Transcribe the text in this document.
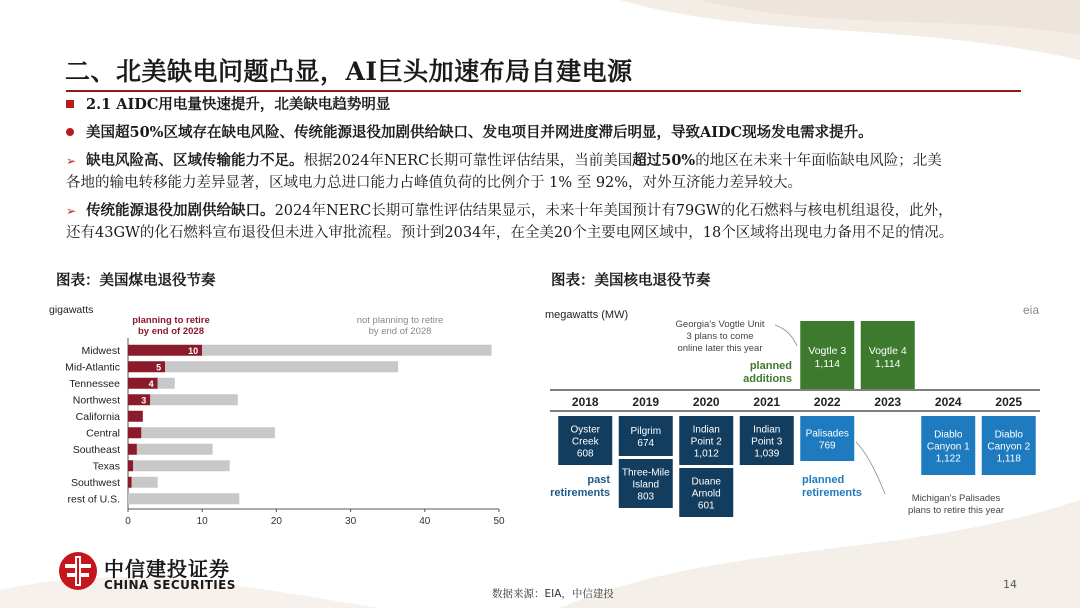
二、北美缺电问题凸显，AI巨头加速布局自建电源
2.1 AIDC用电量快速提升，北美缺电趋势明显
美国超50%区域存在缺电风险、传统能源退役加剧供给缺口、发电项目并网进度滞后明显，导致AIDC现场发电需求提升。
➢ 缺电风险高、区域传输能力不足。根据2024年NERC长期可靠性评估结果，当前美国超过50%的地区在未来十年面临缺电风险；北美
各地的输电转移能力差异显著，区域电力总进口能力占峰值负荷的比例介于 1% 至 92%，对外互济能力差异较大。
➢ 传统能源退役加剧供给缺口。2024年NERC长期可靠性评估结果显示，未来十年美国预计有79GW的化石燃料与核电机组退役，此外，
还有43GW的化石燃料宣布退役但未进入审批流程。预计到2034年，在全美20个主要电网区域中，18个区域将出现电力备用不足的情况。
图表：美国煤电退役节奏	图表：美国核电退役节奏
gigawatts
planning to retire
by end of 2028
not planning to retire
by end of 2028
0	10	20	30	40	50
Midwest	10
Mid-Atlantic	5
Tennessee	4
Northwest 3
California
Central
Southeast
Texas
Southwest
rest of U.S.
megawatts (MW)	eia
2018	2019	2020	2021	2022	2023	2024	2025
Vogtle 3
1,114
Vogtle 4
1,114
planned
additions
Georgia's Vogtle Unit
3 plans to come
online later this year
Oyster
Creek
608
Pilgrim
674
Three-Mile
Island
803
Indian
Point 2
1,012
Duane
Arnold
601
Indian
Point 3
1,039
Palisades
769
Diablo
Canyon 1
1,122
Diablo
Canyon 2
1,118
past
retirements
planned
retirements	Michigan's Palisades
plans to retire this year
中信建投证券
CHINA SECURITIES
数据来源：EIA，中信建投
14
